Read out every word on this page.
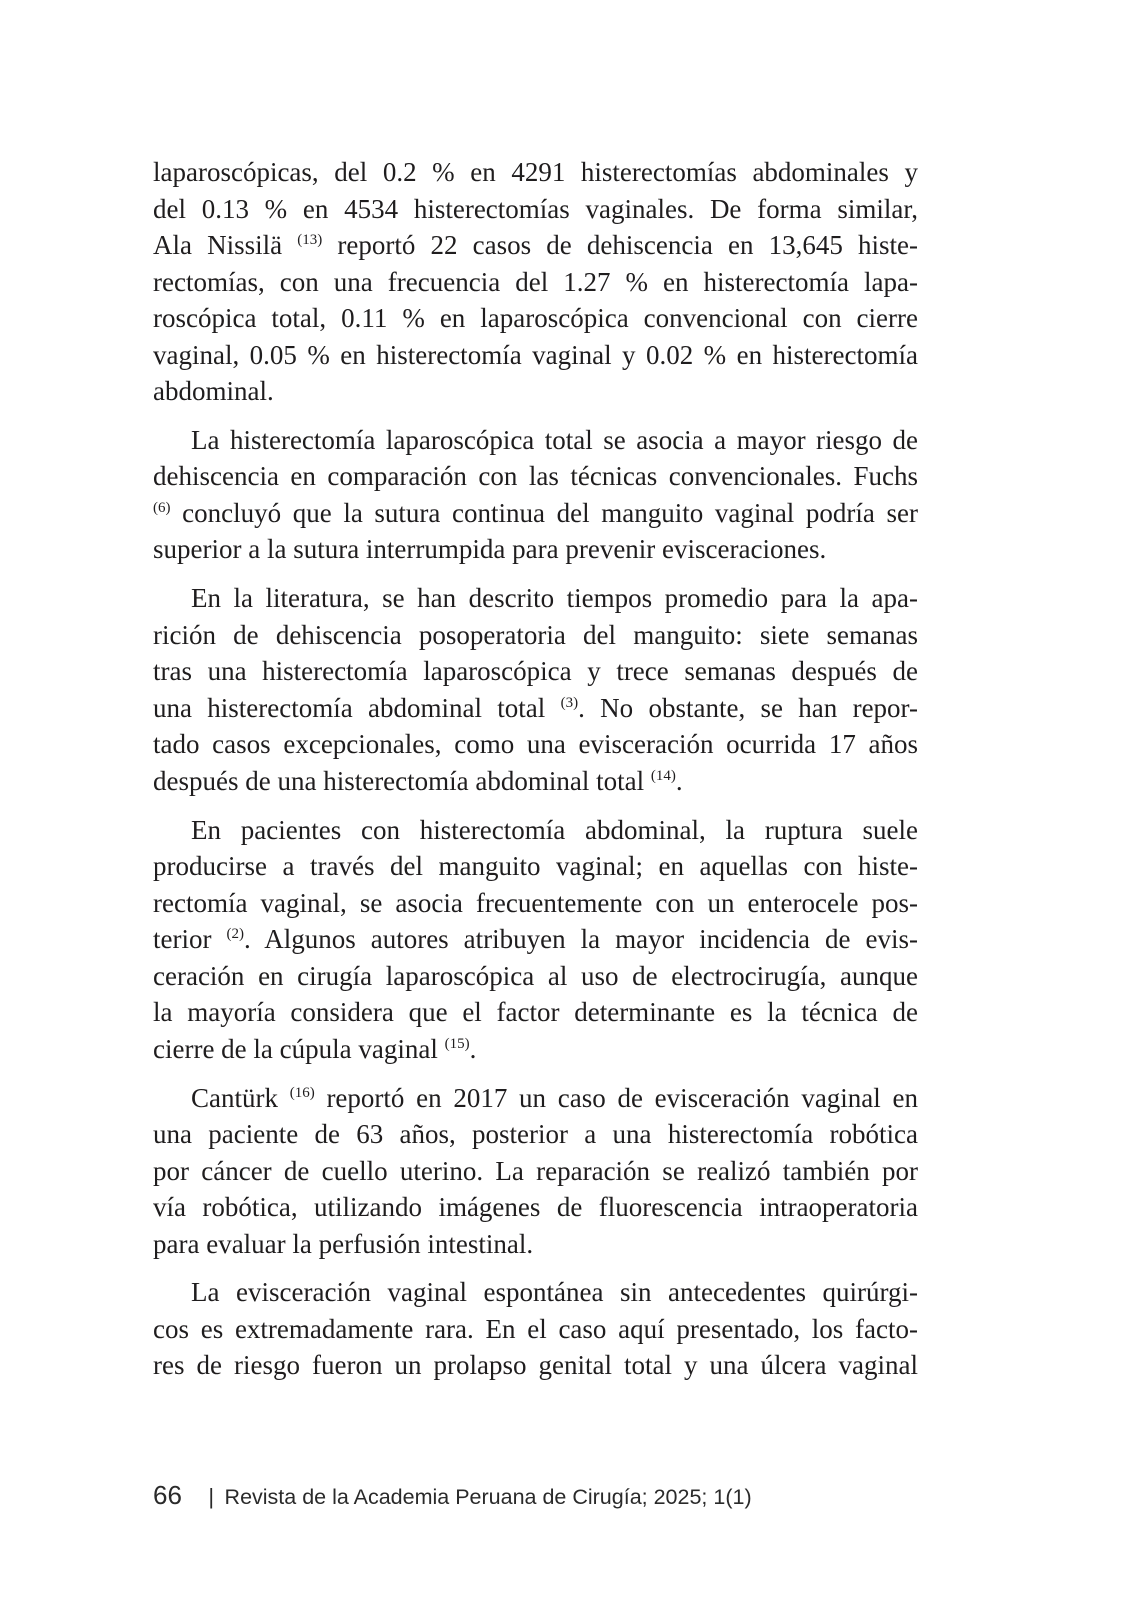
laparoscópicas, del 0.2 % en 4291 histerectomías abdominales y
del 0.13 % en 4534 histerectomías vaginales. De forma similar,
Ala Nissilä $^{(13)}$ reportó 22 casos de dehiscencia en 13,645 histe-
rectomías, con una frecuencia del 1.27 % en histerectomía lapa-
roscópica total, 0.11 % en laparoscópica convencional con cierre
vaginal, 0.05 % en histerectomía vaginal y 0.02 % en histerectomía
abdominal.
La histerectomía laparoscópica total se asocia a mayor riesgo de
dehiscencia en comparación con las técnicas convencionales. Fuchs
$^{(6)}$ concluyó que la sutura continua del manguito vaginal podría ser
superior a la sutura interrumpida para prevenir evisceraciones.
En la literatura, se han descrito tiempos promedio para la apa-
rición de dehiscencia posoperatoria del manguito: siete semanas
tras una histerectomía laparoscópica y trece semanas después de
una histerectomía abdominal total $^{(3)}$. No obstante, se han repor-
tado casos excepcionales, como una evisceración ocurrida 17 años
después de una histerectomía abdominal total $^{(14)}$.
En pacientes con histerectomía abdominal, la ruptura suele
producirse a través del manguito vaginal; en aquellas con histe-
rectomía vaginal, se asocia frecuentemente con un enterocele pos-
terior $^{(2)}$. Algunos autores atribuyen la mayor incidencia de evis-
ceración en cirugía laparoscópica al uso de electrocirugía, aunque
la mayoría considera que el factor determinante es la técnica de
cierre de la cúpula vaginal $^{(15)}$.
Cantürk $^{(16)}$ reportó en 2017 un caso de evisceración vaginal en
una paciente de 63 años, posterior a una histerectomía robótica
por cáncer de cuello uterino. La reparación se realizó también por
vía robótica, utilizando imágenes de fluorescencia intraoperatoria
para evaluar la perfusión intestinal.
La evisceración vaginal espontánea sin antecedentes quirúrgi-
cos es extremadamente rara. En el caso aquí presentado, los facto-
res de riesgo fueron un prolapso genital total y una úlcera vaginal
66 | Revista de la Academia Peruana de Cirugía; 2025; 1(1)
